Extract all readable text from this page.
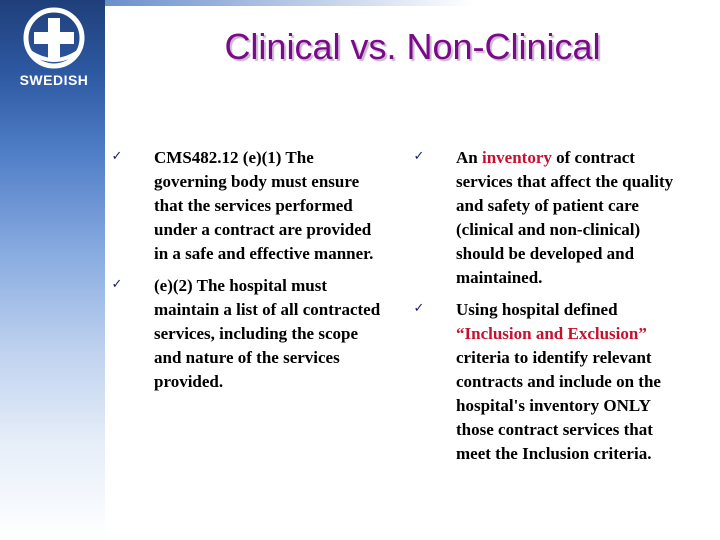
SWEDISH
Clinical vs. Non-Clinical

✓ CMS482.12 (e)(1) The governing body must ensure that the services performed under a contract are provided in a safe and effective manner.

✓ (e)(2) The hospital must maintain a list of all contracted services, including the scope and nature of the services provided.

✓ An inventory of contract services that affect the quality and safety of patient care (clinical and non-clinical) should be developed and maintained.

✓ Using hospital defined “Inclusion and Exclusion” criteria to identify relevant contracts and include on the hospital's inventory ONLY those contract services that meet the Inclusion criteria.
